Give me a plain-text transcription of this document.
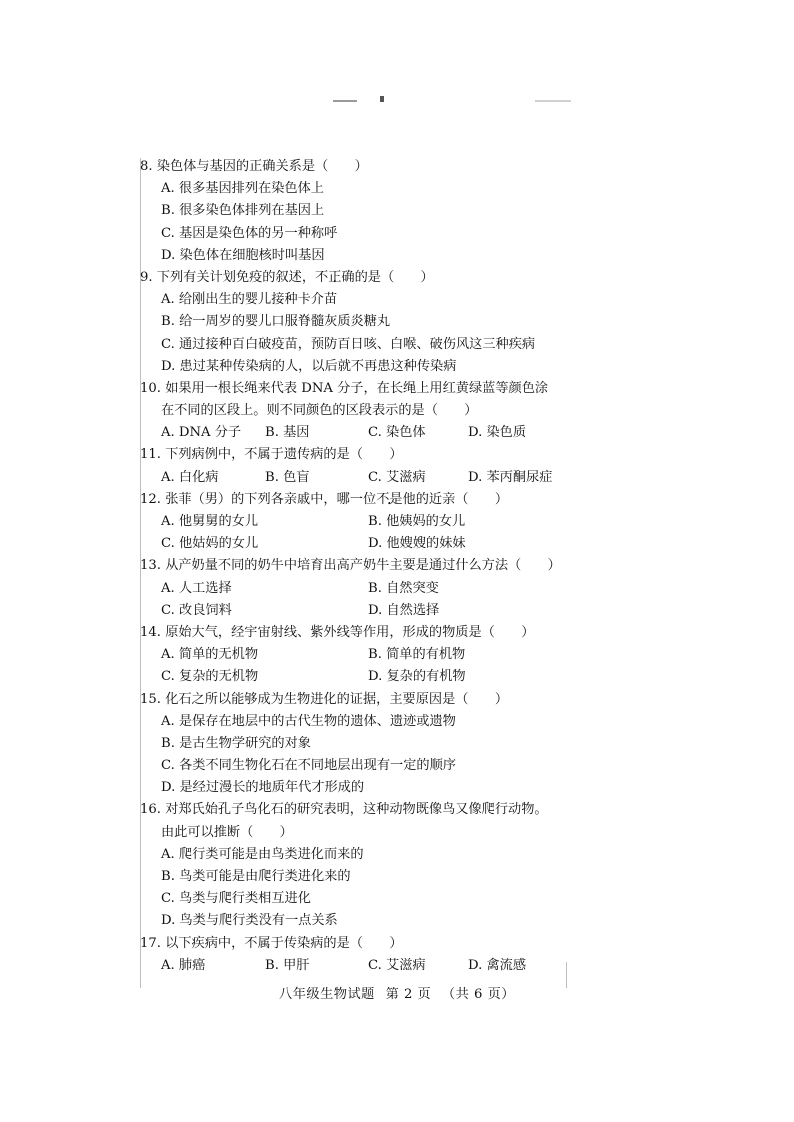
8. 染色体与基因的正确关系是（　　）
A. 很多基因排列在染色体上
B. 很多染色体排列在基因上
C. 基因是染色体的另一种称呼
D. 染色体在细胞核时叫基因
9. 下列有关计划免疫的叙述，不正确的是（　　）
A. 给刚出生的婴儿接种卡介苗
B. 给一周岁的婴儿口服脊髓灰质炎糖丸
C. 通过接种百白破疫苗，预防百日咳、白喉、破伤风这三种疾病
D. 患过某种传染病的人，以后就不再患这种传染病
10. 如果用一根长绳来代表 DNA 分子，在长绳上用红黄绿蓝等颜色涂
在不同的区段上。则不同颜色的区段表示的是（　　）
A. DNA 分子 B. 基因	C. 染色体	D. 染色质
11. 下列病例中，不属于遗传病的是（　　）
A. 白化病	B. 色盲	C. 艾滋病	D. 苯丙酮尿症
12. 张菲（男）的下列各亲戚中，哪一位不是他的近亲（　　）
A. 他舅舅的女儿	B. 他姨妈的女儿
C. 他姑妈的女儿	D. 他嫂嫂的妹妹
13. 从产奶量不同的奶牛中培育出高产奶牛主要是通过什么方法（　　）
A. 人工选择	B. 自然突变
C. 改良饲料	D. 自然选择
14. 原始大气，经宇宙射线、紫外线等作用，形成的物质是（　　）
A. 简单的无机物	B. 简单的有机物
C. 复杂的无机物	D. 复杂的有机物
15. 化石之所以能够成为生物进化的证据，主要原因是（　　）
A. 是保存在地层中的古代生物的遗体、遗迹或遗物
B. 是古生物学研究的对象
C. 各类不同生物化石在不同地层出现有一定的顺序
D. 是经过漫长的地质年代才形成的
16. 对郑氏始孔子鸟化石的研究表明，这种动物既像鸟又像爬行动物。
由此可以推断（　　）
A. 爬行类可能是由鸟类进化而来的
B. 鸟类可能是由爬行类进化来的
C. 鸟类与爬行类相互进化
D. 鸟类与爬行类没有一点关系
17. 以下疾病中，不属于传染病的是（　　）
A. 肺癌	B. 甲肝	C. 艾滋病	D. 禽流感
八年级生物试题 第 2 页 （共 6 页）
